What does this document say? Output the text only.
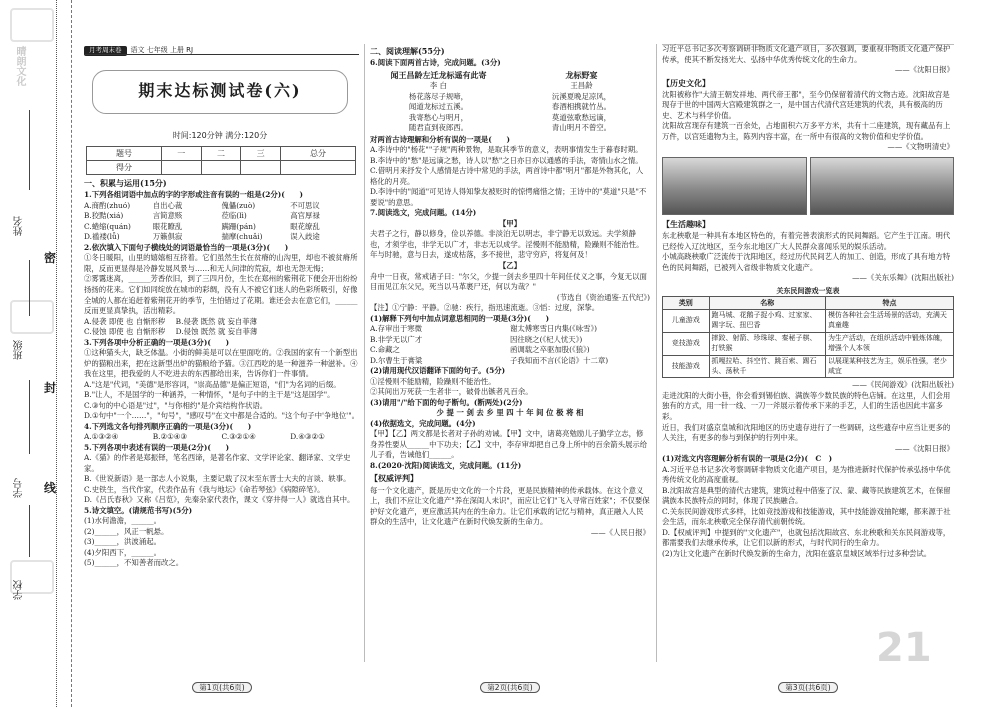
晴朗文化
密
封
线
姓名
班级
学号
学校
月考周末卷	语文 七年级 上册 RJ
期末达标测试卷(六)
时间:120分钟 满分:120分
题号	一	二	三	总分
得分				
一、积累与运用(15分)
1.下列各组词语中加点的字的字形或注音有误的一组是(2分)(　　)
A.商酌(zhuó)	自出心裁	傀儡(zuò)	不可思议
B.狡黠(xiá)	言简意赅	莅临(lì)	高官厚禄
C.蜷缩(quán)	眼花瞭乱	蹒跚(pán)	眼花缭乱
D.褴褛(lǚ)	万籁俱寂	揣摩(chuǎi)	误入歧途
2.依次填入下面句子横线处的词语最恰当的一项是(3分)(　　)
①冬日暖阳，山里的嬉嬉相互挤着。它们虽然生长在贫瘠的山沟里，却也不被贫瘠所限，反而更显得是冷静发展风景与……和无人问津的荒寂，却也无怨无悔；
②雾霭迷离，______芳香依旧，到了三四月份，生长在郑州的紫荆花下便会开出纷纷扬扬的花来。它们如同绽放在城市的彩绸，没有人不被它们迷人的色彩所吸引，好像全城的人都在追赶着紫荆花开的季节，生怕错过了花期。谁还会去在意它们，______反而更显真挚执，活出精彩。
A.侵袭 即使 也 自惭形秽	B.侵袭 既然 就 妄自菲薄
C.侵蚀 即使 也 自惭形秽	D.侵蚀 既然 就 妄自菲薄
3.下列各项中分析正确的一项是(3分)(　　)
①这种猫头大，缺乏体温。小街的鲜美是可以在里面吃的。②我国的家有一个新型出炉的猫粮出来，把在这新型出炉的猫粮给予猫。③江西吃的是一种滋养一种滋补。④我在这里，把我爱的人不吃进去的东西都给出来，告诉你们一件事情。
A."这是"代词，"美德"是形容词，"崇高品德"是偏正短语，"们"为名词的后缀。
B."让人，不是国学的一种涵养，一种情怀，"是句子中的主干是"这是国学"。
C.③句的中心语是"过"，"与你相约"是介宾结构作状语。
D.①句中"一个……"，"句号"，"感叹号"在文中都是合适的。"这个句子中'争地位'"。
4.下列选文各句排列顺序正确的一项是(3分)(　　)
A.①③②④	B.②①④③	C.③②①④	D.④③②①
5.下列各项中表述有误的一项是(2分)(　　)
A.《猫》的作者是郑振铎，笔名西谛，是著名作家、文学评论家、翻译家、文学史家。
B.《世说新语》是一部志人小说集，主要记载了汉末至东晋士大夫的言谈、轶事。
C.史铁生，当代作家，代表作品有《我与地坛》《命若琴弦》《病隙碎笔》。
D.《吕氏春秋》又称《吕览》，先秦杂家代表作，课文《穿井得一人》就选自其中。
5.诗文填空。(请规范书写)(5分)
(1)水何澹澹，______。
(2)______，风正一帆悬。
(3)______，洪波涌起。
(4)夕阳西下，______。
(5)______，不知善者而改之。
二、阅读理解(55分)
6.阅读下面两首古诗，完成问题。(3分)
闻王昌龄左迁龙标遥有此寄
李 白
杨花落尽子规啼，
闻道龙标过五溪。
我寄愁心与明月，
随君直到夜郎西。
龙标野宴
王昌龄
沅溪夏晚足凉风，
春酒相携就竹丛。
莫道弦歌愁远谪，
青山明月不曾空。
对两首古诗理解和分析有误的一项是(　　)
A.李诗中的"杨花""子规"两种景物，是取其季节的意义，表明事情发生于暮春时期。
B.李诗中的"愁"是远谪之愁，诗人以"愁"之日亦日亦以通感的手法，寄情山水之情。
C.借明月来抒发个人感情是古诗中常见的手法，两首诗中都"明月"都是外物其化，人格化的月亮。
D.李诗中的"闻道"可见诗人得知挚友被贬时的惊愕痛惜之情；王诗中的"莫道"只是"不要说"的意思。
7.阅读选文，完成问题。(14分)
【甲】
夫君子之行，静以修身，俭以养德。非淡泊无以明志，非宁静无以致远。夫学须静也，才须学也，非学无以广才，非志无以成学。淫慢则不能励精，险躁则不能治性。年与时驰，意与日去，遂成枯落，多不接世，悲守穷庐，将复何及！
【乙】
舟中一日夜，常戒诸子曰："尔父，少提一剑去乡里四十年间任仗义之事，今复无以面目而见江东父兄，死当以马革裹尸还，何以为哉？"
(节选自《资治通鉴·五代纪》)
【注】①宁静：平静。②驰：疾行，指迅速流逝。③慆：过度，深挚。
(1)解释下列句中加点词意思相同的一项是(3分)(　　)
A.存审出于寒微	谢太傅寒雪日内集(《咏雪》)
B.非学无以广才	因往晓之(《杞人忧天》)
C.命藏之	函调载之卒驱加股(《狼》)
D.尔曹生于膏粱	子我知而不言(《论语》十二章)
(2)请用现代汉语翻译下面的句子。(5分)
①淫慢则不能励精，险躁则不能治性。
②其间出万死获一生者非一，破骨出镞者凡百余。
(3)请用"/"给下面的句子断句。(断两处)(2分)
少 提 一 剑 去 乡 里 四 十 年 间 位 极 将 相
(4)依据选文，完成问题。(4分)
【甲】【乙】两文都是长者对子孙的劝诫。【甲】文中，诸葛亮勉励儿子勤学立志，修身养性要从______中下功夫；【乙】文中，李存审却把自己身上所中的百余箭头展示给儿子看，告诫他们______。
8.(2020·沈阳)阅读选文，完成问题。(11分)
【权威评判】
每一个文化遗产，既是历史文化的一个片段，更是民族精神的传承载体。在这个意义上，我们不应让文化遗产"养在深闺人未识"，而应让它们"飞入寻常百姓家"；不仅要保护好文化遗产，更应激活其内在的生命力。让它们承载的记忆与精神，真正融入人民群众的生活中，让文化遗产在新时代焕发新的生命力。
——《人民日报》
习近平总书记多次考察调研非物质文化遗产项目，多次强调，要重视非物质文化遗产保护传承，使其不断发扬光大、弘扬中华优秀传统文化的生命力。
——《沈阳日报》
【历史文化】
沈阳被称作"大清王朝发祥地、两代帝王都"，至今仍保留着清代的文物古迹。沈阳故宫是现存于世的中国两大宫殿建筑群之一，是中国古代清代宫廷建筑的代表，具有极高的历史、艺术与科学价值。
沈阳故宫现存有建筑一百余处，占地面积六万多平方米，共有十二座建筑，现有藏品有上万件，以宫廷遗物为主，陈列内容丰富，在一所中有很高的文物价值和史学价值。
——《文物明清史》
【生活趣味】
东北秧歌是一种具有本地区特色的，有着完善表演形式的民间舞蹈。它产生于江南。明代已经传入辽沈地区，至今东北地区广大人民群众喜闻乐见的娱乐活动。
小城高跷秧歌广泛流传于沈阳地区，经过历代民间艺人的加工、创造，形成了具有地方特色的民间舞蹈，已被列入省级非物质文化遗产。
——《关东乐舞》(沈阳出版社)
关东民间游戏一览表
类别	名称	特点
儿童游戏	跑马城、花鹅子捉小鸡、过家家、踢字玩、扭巴香	模仿各种社会生活场景的活动，充满天真童趣
竞技游戏	摔跤、射箭、珍珠球、秦秘子棋、打铁猴	为生产活动，在组织活动中锻炼体魄，增强个人本领
技能游戏	抓嘎拉哈、抖空竹、跳百索、踢石头、荡秋千	以展现某种技艺为主，娱乐性强，老少咸宜
——《民间游戏》(沈阳出版社)
走进沈阳的大街小巷，你会看到锡伯族、满族等少数民族的特色店铺。在这里，人们会用独有的方式，用一针一线、一刀一斧展示着传承下来的手艺，人们的生活也因此丰富多彩。
近日，我们对盛京皇城和沈阳地区的历史遗存进行了一些调研，这些遗存中应当让更多的人关注，有更多的参与到保护的行列中来。
——《沈阳日报》
(1)对选文内容理解分析有误的一项是(2分)(　C　)
A.习近平总书记多次考察调研非物质文化遗产项目，是为推进新时代保护传承弘扬中华优秀传统文化的高度重视。
B.沈阳故宫是典型的清代古建筑，建筑过程中借鉴了汉、蒙、藏等民族建筑艺术，在保留满族本民族特点的同时，体现了民族融合。
C.关东民间游戏形式多样，比如竞技游戏和技能游戏，其中技能游戏抽陀螺，都来源于社会生活，而东北秧歌完全保存清代前朝传统。
D.【权威评判】中提到的"文化遗产"，也就包括沈阳故宫、东北秧歌和关东民间游戏等，都需要我们去继承传承，让它们以新的形式，与时代同行的生命力。
(2)为让文化遗产在新时代焕发新的生命力，沈阳在盛京皇城区域举行过多种尝试。
21
第1页(共6页)	第2页(共6页)	第3页(共6页)
